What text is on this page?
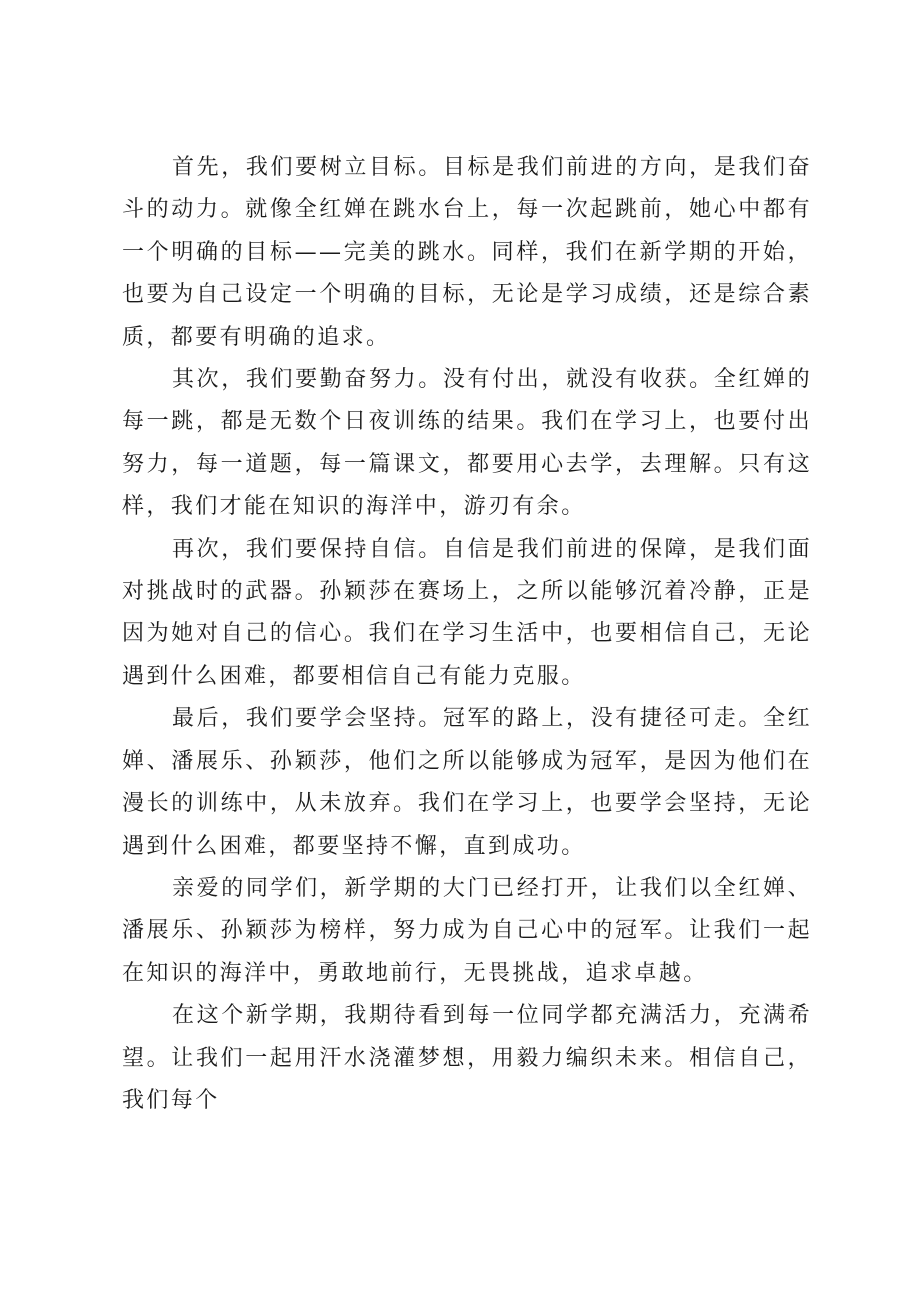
首先，我们要树立目标。目标是我们前进的方向，是我们奋斗的动力。就像全红婵在跳水台上，每一次起跳前，她心中都有一个明确的目标——完美的跳水。同样，我们在新学期的开始，也要为自己设定一个明确的目标，无论是学习成绩，还是综合素质，都要有明确的追求。

其次，我们要勤奋努力。没有付出，就没有收获。全红婵的每一跳，都是无数个日夜训练的结果。我们在学习上，也要付出努力，每一道题，每一篇课文，都要用心去学，去理解。只有这样，我们才能在知识的海洋中，游刃有余。

再次，我们要保持自信。自信是我们前进的保障，是我们面对挑战时的武器。孙颖莎在赛场上，之所以能够沉着冷静，正是因为她对自己的信心。我们在学习生活中，也要相信自己，无论遇到什么困难，都要相信自己有能力克服。

最后，我们要学会坚持。冠军的路上，没有捷径可走。全红婵、潘展乐、孙颖莎，他们之所以能够成为冠军，是因为他们在漫长的训练中，从未放弃。我们在学习上，也要学会坚持，无论遇到什么困难，都要坚持不懈，直到成功。

亲爱的同学们，新学期的大门已经打开，让我们以全红婵、潘展乐、孙颖莎为榜样，努力成为自己心中的冠军。让我们一起在知识的海洋中，勇敢地前行，无畏挑战，追求卓越。

在这个新学期，我期待看到每一位同学都充满活力，充满希望。让我们一起用汗水浇灌梦想，用毅力编织未来。相信自己，我们每个
